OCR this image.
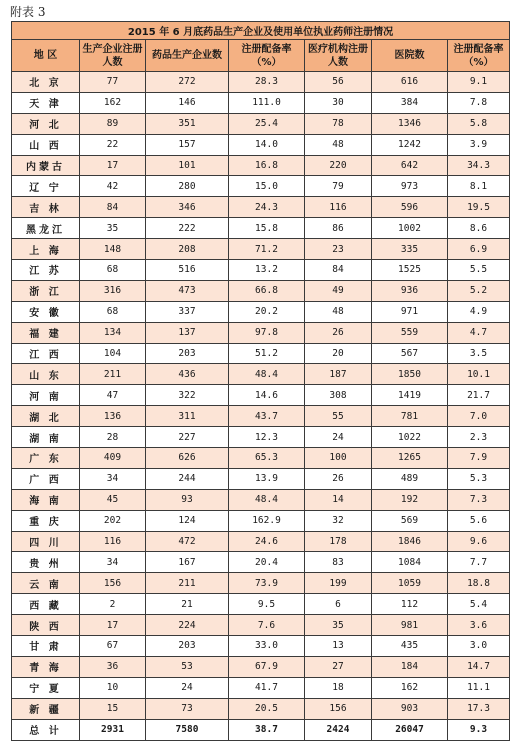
附表 3
2015 年 6 月底药品生产企业及使用单位执业药师注册情况						
地 区	生产企业注册人数	药品生产企业数	注册配备率（%）	医疗机构注册人数	医院数	注册配备率（%）
北 京	77	272	28.3	56	616	9.1
天 津	162	146	111.0	30	384	7.8
河 北	89	351	25.4	78	1346	5.8
山 西	22	157	14.0	48	1242	3.9
内蒙古	17	101	16.8	220	642	34.3
辽 宁	42	280	15.0	79	973	8.1
吉 林	84	346	24.3	116	596	19.5
黑龙江	35	222	15.8	86	1002	8.6
上 海	148	208	71.2	23	335	6.9
江 苏	68	516	13.2	84	1525	5.5
浙 江	316	473	66.8	49	936	5.2
安 徽	68	337	20.2	48	971	4.9
福 建	134	137	97.8	26	559	4.7
江 西	104	203	51.2	20	567	3.5
山 东	211	436	48.4	187	1850	10.1
河 南	47	322	14.6	308	1419	21.7
湖 北	136	311	43.7	55	781	7.0
湖 南	28	227	12.3	24	1022	2.3
广 东	409	626	65.3	100	1265	7.9
广 西	34	244	13.9	26	489	5.3
海 南	45	93	48.4	14	192	7.3
重 庆	202	124	162.9	32	569	5.6
四 川	116	472	24.6	178	1846	9.6
贵 州	34	167	20.4	83	1084	7.7
云 南	156	211	73.9	199	1059	18.8
西 藏	2	21	9.5	6	112	5.4
陕 西	17	224	7.6	35	981	3.6
甘 肃	67	203	33.0	13	435	3.0
青 海	36	53	67.9	27	184	14.7
宁 夏	10	24	41.7	18	162	11.1
新 疆	15	73	20.5	156	903	17.3
总 计	2931	7580	38.7	2424	26047	9.3
